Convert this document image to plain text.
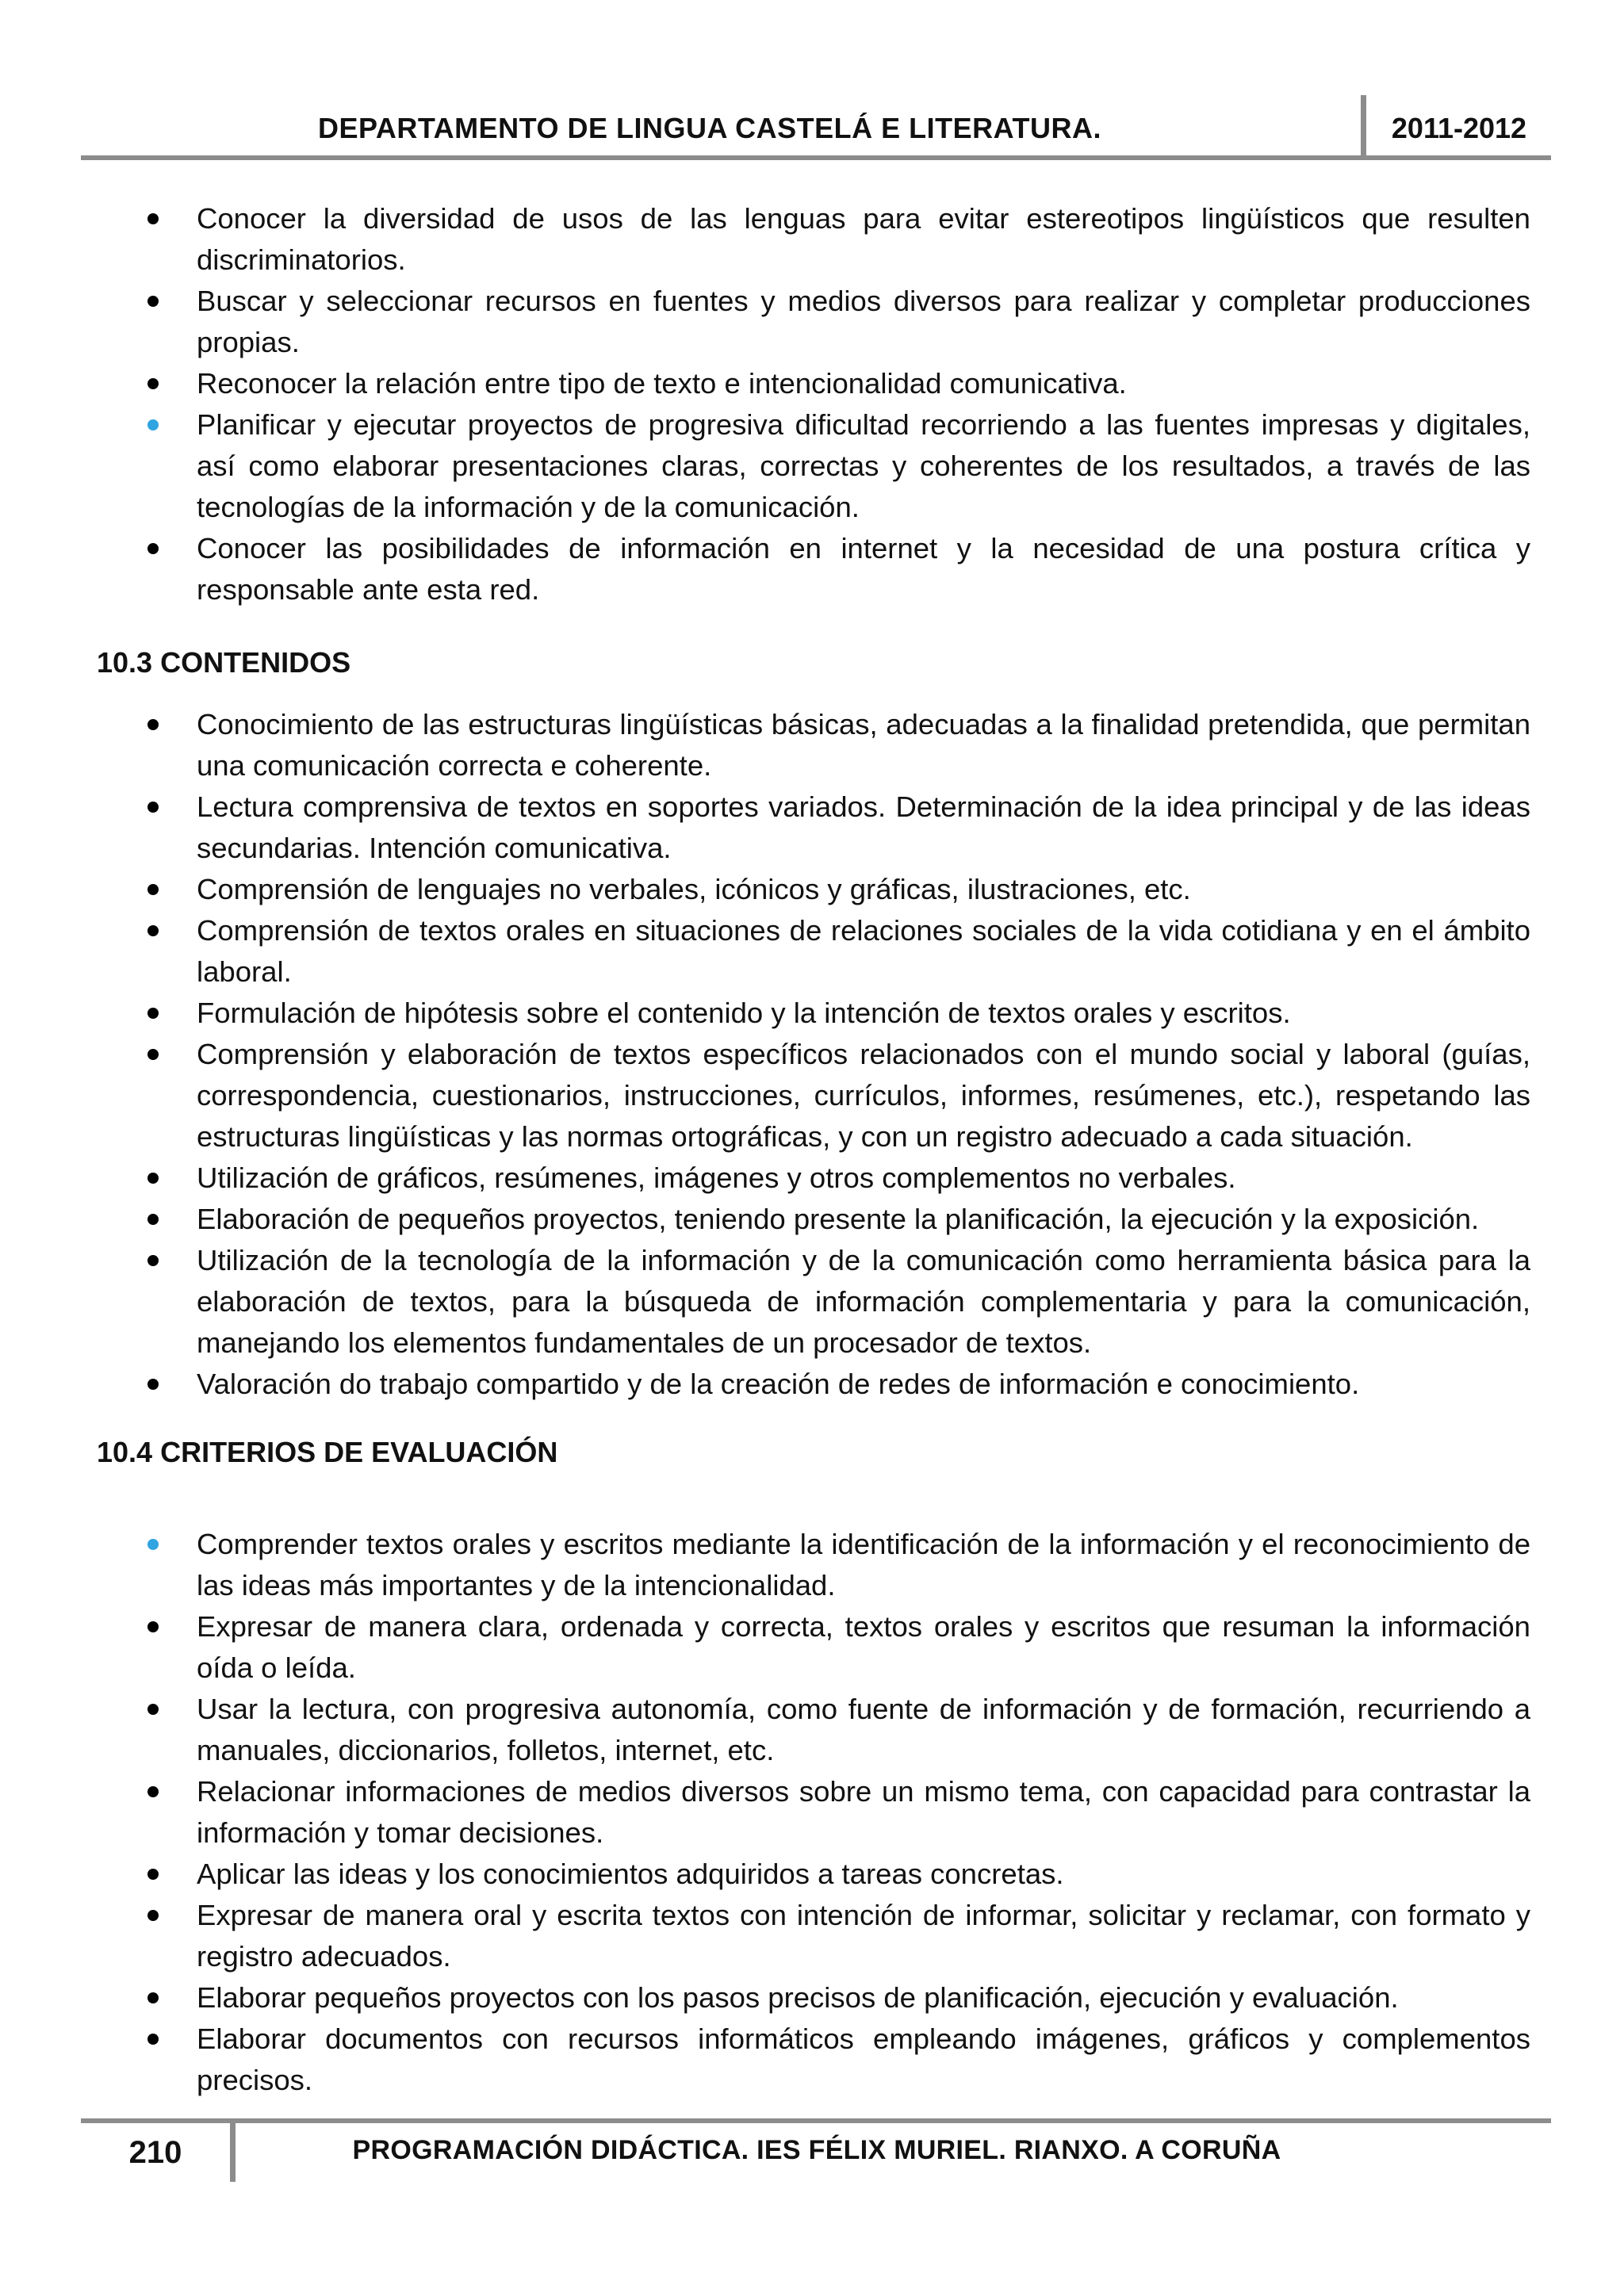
DEPARTAMENTO DE LINGUA CASTELÁ E LITERATURA.	2011-2012
Conocer la diversidad de usos de las lenguas para evitar estereotipos lingüísticos que resulten discriminatorios.
Buscar y seleccionar recursos en fuentes y medios diversos para realizar y completar producciones propias.
Reconocer la relación entre tipo de texto e intencionalidad comunicativa.
Planificar y ejecutar proyectos de progresiva dificultad recorriendo a las fuentes impresas y digitales, así como elaborar presentaciones claras, correctas y coherentes de los resultados, a través de las tecnologías de la información y de la comunicación.
Conocer las posibilidades de información en internet y la necesidad de una postura crítica y responsable ante esta red.
10.3 CONTENIDOS
Conocimiento de las estructuras lingüísticas básicas, adecuadas a la finalidad pretendida, que permitan una comunicación correcta e coherente.
Lectura comprensiva de textos en soportes variados. Determinación de la idea principal y de las ideas secundarias. Intención comunicativa.
Comprensión de lenguajes no verbales, icónicos y gráficas, ilustraciones, etc.
Comprensión de textos orales en situaciones de relaciones sociales de la vida cotidiana y en el ámbito laboral.
Formulación de hipótesis sobre el contenido y la intención de textos orales y escritos.
Comprensión y elaboración de textos específicos relacionados con el mundo social y laboral (guías, correspondencia, cuestionarios, instrucciones, currículos, informes, resúmenes, etc.), respetando las estructuras lingüísticas y las normas ortográficas, y con un registro adecuado a cada situación.
Utilización de gráficos, resúmenes, imágenes y otros complementos no verbales.
Elaboración de pequeños proyectos, teniendo presente la planificación, la ejecución y la exposición.
Utilización de la tecnología de la información y de la comunicación como herramienta básica para la elaboración de textos, para la búsqueda de información complementaria y para la comunicación, manejando los elementos fundamentales de un procesador de textos.
Valoración do trabajo compartido y de la creación de redes de información e conocimiento.
10.4 CRITERIOS DE EVALUACIÓN
Comprender textos orales y escritos mediante la identificación de la información y el reconocimiento de las ideas más importantes y de la intencionalidad.
Expresar de manera clara, ordenada y correcta, textos orales y escritos que resuman la información oída o leída.
Usar la lectura, con progresiva autonomía, como fuente de información y de formación, recurriendo a manuales, diccionarios, folletos, internet, etc.
Relacionar informaciones de medios diversos sobre un mismo tema, con capacidad para contrastar la información y tomar decisiones.
Aplicar las ideas y los conocimientos adquiridos a tareas concretas.
Expresar de manera oral y escrita textos con intención de informar, solicitar y reclamar, con formato y registro adecuados.
Elaborar pequeños proyectos con los pasos precisos de planificación, ejecución y evaluación.
Elaborar documentos con recursos informáticos empleando imágenes, gráficos y complementos precisos.
210	PROGRAMACIÓN DIDÁCTICA. IES FÉLIX MURIEL. RIANXO. A CORUÑA
